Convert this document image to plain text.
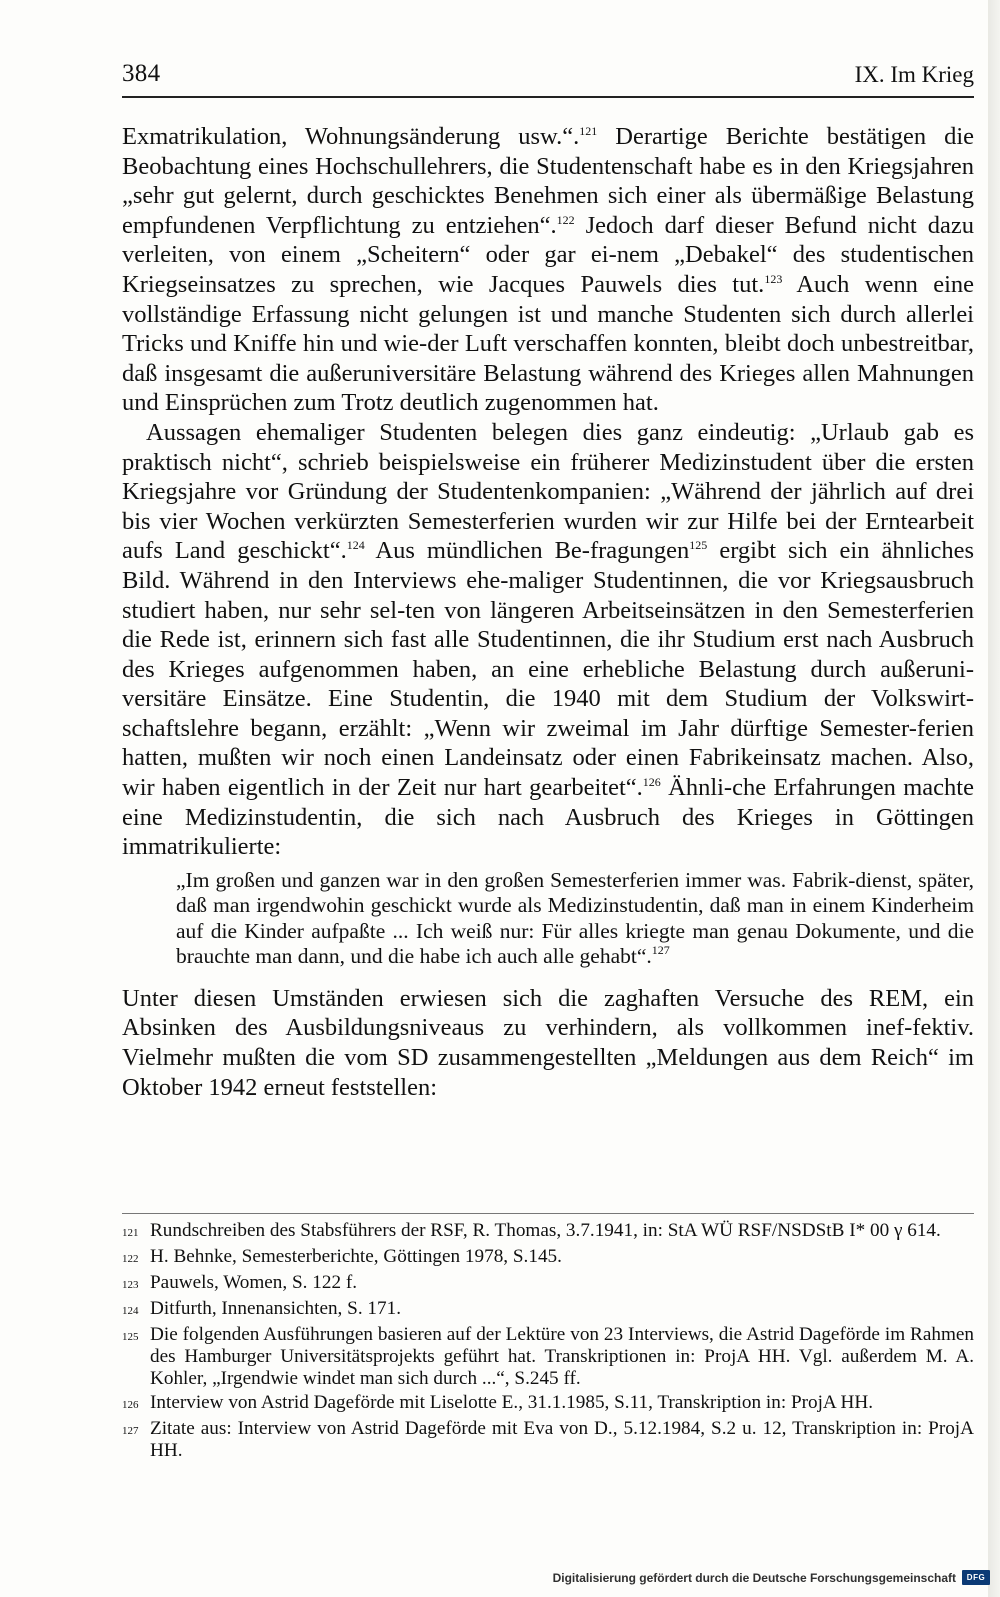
384	IX. Im Krieg

Exmatrikulation, Wohnungsänderung usw.“.$^{121}$ Derartige Berichte bestätigen die Beobachtung eines Hochschullehrers, die Studentenschaft habe es in den Kriegsjahren „sehr gut gelernt, durch geschicktes Benehmen sich einer als übermäßige Belastung empfundenen Verpflichtung zu entziehen“.$^{122}$ Jedoch darf dieser Befund nicht dazu verleiten, von einem „Scheitern“ oder gar ei-nem „Debakel“ des studentischen Kriegseinsatzes zu sprechen, wie Jacques Pauwels dies tut.$^{123}$ Auch wenn eine vollständige Erfassung nicht gelungen ist und manche Studenten sich durch allerlei Tricks und Kniffe hin und wie-der Luft verschaffen konnten, bleibt doch unbestreitbar, daß insgesamt die außeruniversitäre Belastung während des Krieges allen Mahnungen und Einsprüchen zum Trotz deutlich zugenommen hat.

Aussagen ehemaliger Studenten belegen dies ganz eindeutig: „Urlaub gab es praktisch nicht“, schrieb beispielsweise ein früherer Medizinstudent über die ersten Kriegsjahre vor Gründung der Studentenkompanien: „Während der jährlich auf drei bis vier Wochen verkürzten Semesterferien wurden wir zur Hilfe bei der Erntearbeit aufs Land geschickt“.$^{124}$ Aus mündlichen Be-fragungen$^{125}$ ergibt sich ein ähnliches Bild. Während in den Interviews ehe-maliger Studentinnen, die vor Kriegsausbruch studiert haben, nur sehr sel-ten von längeren Arbeitseinsätzen in den Semesterferien die Rede ist, erinnern sich fast alle Studentinnen, die ihr Studium erst nach Ausbruch des Krieges aufgenommen haben, an eine erhebliche Belastung durch außeruni-versitäre Einsätze. Eine Studentin, die 1940 mit dem Studium der Volkswirt-schaftslehre begann, erzählt: „Wenn wir zweimal im Jahr dürftige Semester-ferien hatten, mußten wir noch einen Landeinsatz oder einen Fabrikeinsatz machen. Also, wir haben eigentlich in der Zeit nur hart gearbeitet“.$^{126}$ Ähnli-che Erfahrungen machte eine Medizinstudentin, die sich nach Ausbruch des Krieges in Göttingen immatrikulierte:

„Im großen und ganzen war in den großen Semesterferien immer was. Fabrik-dienst, später, daß man irgendwohin geschickt wurde als Medizinstudentin, daß man in einem Kinderheim auf die Kinder aufpaßte ... Ich weiß nur: Für alles kriegte man genau Dokumente, und die brauchte man dann, und die habe ich auch alle gehabt“.$^{127}$

Unter diesen Umständen erwiesen sich die zaghaften Versuche des REM, ein Absinken des Ausbildungsniveaus zu verhindern, als vollkommen inef-fektiv. Vielmehr mußten die vom SD zusammengestellten „Meldungen aus dem Reich“ im Oktober 1942 erneut feststellen:

121 Rundschreiben des Stabsführers der RSF, R. Thomas, 3.7.1941, in: StA WÜ RSF/NSDStB I* 00 γ 614.
122 H. Behnke, Semesterberichte, Göttingen 1978, S.145.
123 Pauwels, Women, S. 122 f.
124 Ditfurth, Innenansichten, S. 171.
125 Die folgenden Ausführungen basieren auf der Lektüre von 23 Interviews, die Astrid Dageförde im Rahmen des Hamburger Universitätsprojekts geführt hat. Transkriptionen in: ProjA HH. Vgl. außerdem M. A. Kohler, „Irgendwie windet man sich durch ...“, S.245 ff.
126 Interview von Astrid Dageförde mit Liselotte E., 31.1.1985, S.11, Transkription in: ProjA HH.
127 Zitate aus: Interview von Astrid Dageförde mit Eva von D., 5.12.1984, S.2 u. 12, Transkription in: ProjA HH.
Digitalisierung gefördert durch die Deutsche Forschungsgemeinschaft	DFG
